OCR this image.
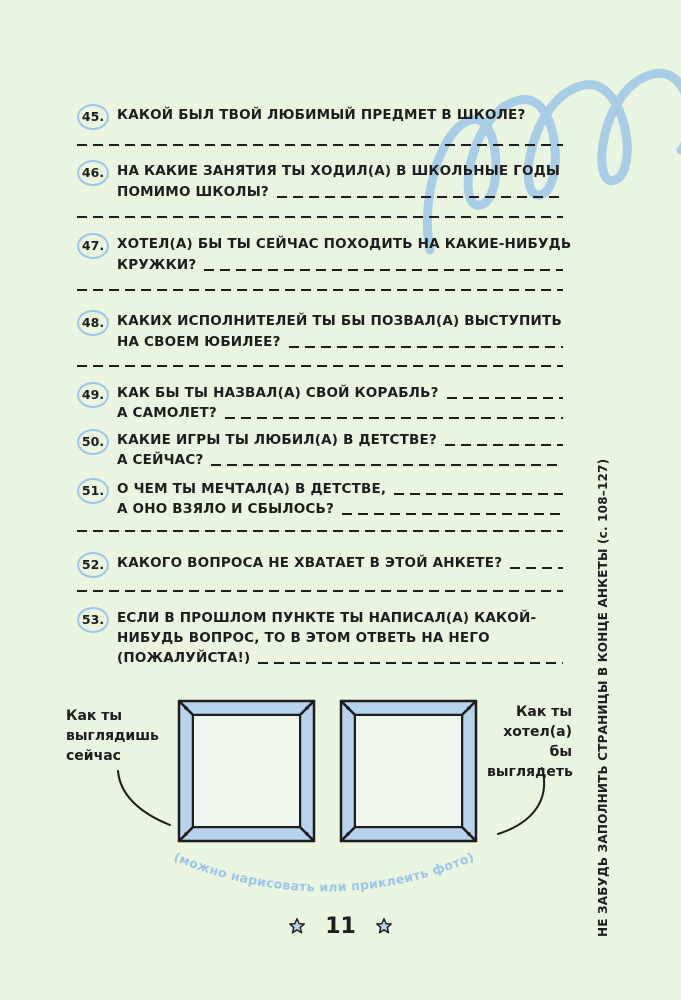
45. КАКОЙ БЫЛ ТВОЙ ЛЮБИМЫЙ ПРЕДМЕТ В ШКОЛЕ?
46. НА КАКИЕ ЗАНЯТИЯ ТЫ ХОДИЛ(А) В ШКОЛЬНЫЕ ГОДЫ
ПОМИМО ШКОЛЫ?
47. ХОТЕЛ(А) БЫ ТЫ СЕЙЧАС ПОХОДИТЬ НА КАКИЕ-НИБУДЬ
КРУЖКИ?
48. КАКИХ ИСПОЛНИТЕЛЕЙ ТЫ БЫ ПОЗВАЛ(А) ВЫСТУПИТЬ
НА СВОЕМ ЮБИЛЕЕ?
49. КАК БЫ ТЫ НАЗВАЛ(А) СВОЙ КОРАБЛЬ?
А САМОЛЕТ?
50. КАКИЕ ИГРЫ ТЫ ЛЮБИЛ(А) В ДЕТСТВЕ?
А СЕЙЧАС?
51. О ЧЕМ ТЫ МЕЧТАЛ(А) В ДЕТСТВЕ,
А ОНО ВЗЯЛО И СБЫЛОСЬ?
52. КАКОГО ВОПРОСА НЕ ХВАТАЕТ В ЭТОЙ АНКЕТЕ?
53. ЕСЛИ В ПРОШЛОМ ПУНКТЕ ТЫ НАПИСАЛ(А) КАКОЙ-
НИБУДЬ ВОПРОС, ТО В ЭТОМ ОТВЕТЬ НА НЕГО
(ПОЖАЛУЙСТА!)
Как ты
выглядишь
сейчас
Как ты
хотел(а) бы
выглядеть
(можно нарисовать или приклеить фото)
11	НЕ ЗАБУДЬ ЗАПОЛНИТЬ СТРАНИЦЫ В КОНЦЕ АНКЕТЫ (с. 108–127)
